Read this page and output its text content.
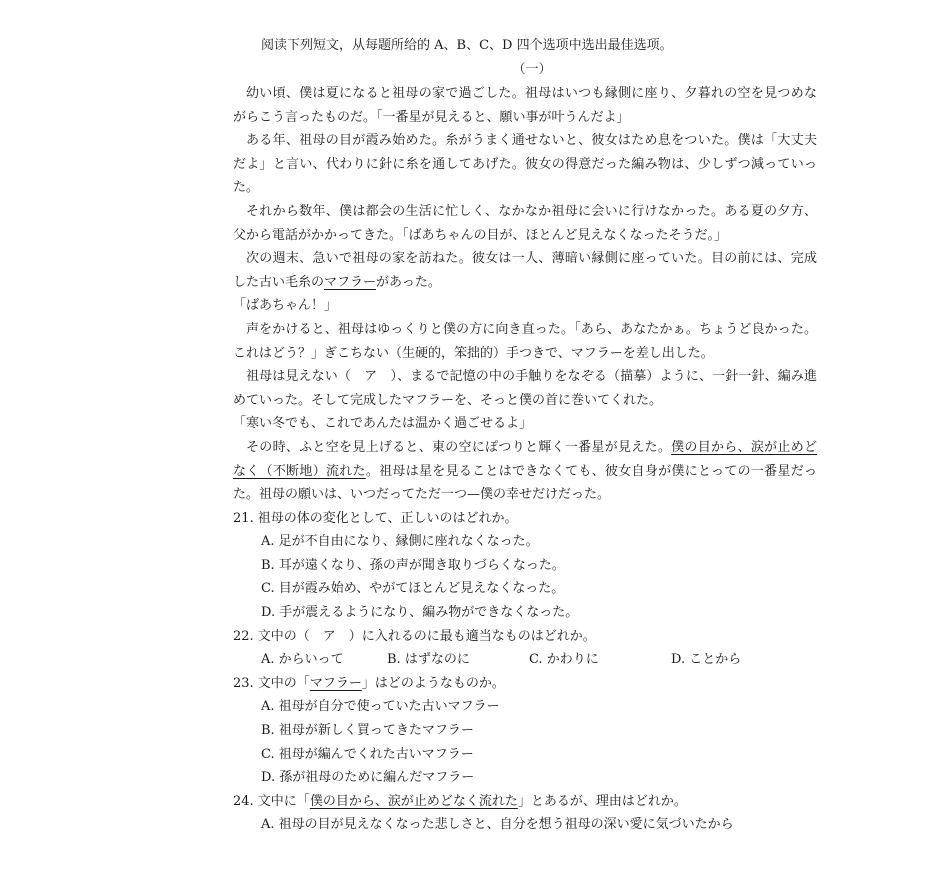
阅读下列短文，从每题所给的 A、B、C、D 四个选项中选出最佳选项。
（一）

幼い頃、僕は夏になると祖母の家で過ごした。祖母はいつも縁側に座り、夕暮れの空を見つめながらこう言ったものだ。「一番星が見えると、願い事が叶うんだよ」

ある年、祖母の目が霞み始めた。糸がうまく通せないと、彼女はため息をついた。僕は「大丈夫だよ」と言い、代わりに針に糸を通してあげた。彼女の得意だった編み物は、少しずつ減っていった。

それから数年、僕は都会の生活に忙しく、なかなか祖母に会いに行けなかった。ある夏の夕方、父から電話がかかってきた。「ばあちゃんの目が、ほとんど見えなくなったそうだ。」

次の週末、急いで祖母の家を訪ねた。彼女は一人、薄暗い縁側に座っていた。目の前には、完成した古い毛糸のマフラーがあった。

「ばあちゃん！」

声をかけると、祖母はゆっくりと僕の方に向き直った。「あら、あなたかぁ。ちょうど良かった。これはどう？」ぎこちない（生硬的，笨拙的）手つきで、マフラーを差し出した。

祖母は見えない（　ア　）、まるで記憶の中の手触りをなぞる（描摹）ように、一針一針、編み進めていった。そして完成したマフラーを、そっと僕の首に巻いてくれた。

「寒い冬でも、これであんたは温かく過ごせるよ」

その時、ふと空を見上げると、東の空にぽつりと輝く一番星が見えた。僕の目から、涙が止めどなく（不断地）流れた。祖母は星を見ることはできなくても、彼女自身が僕にとっての一番星だった。祖母の願いは、いつだってただ一つ—僕の幸せだけだった。

21. 祖母の体の変化として、正しいのはどれか。
A. 足が不自由になり、縁側に座れなくなった。
B. 耳が遠くなり、孫の声が聞き取りづらくなった。
C. 目が霞み始め、やがてほとんど見えなくなった。
D. 手が震えるようになり、編み物ができなくなった。
22. 文中の（　ア　）に入れるのに最も適当なものはどれか。
A. からいって	B. はずなのに	C. かわりに	D. ことから
23. 文中の「マフラー」はどのようなものか。
A. 祖母が自分で使っていた古いマフラー
B. 祖母が新しく買ってきたマフラー
C. 祖母が編んでくれた古いマフラー
D. 孫が祖母のために編んだマフラー
24. 文中に「僕の目から、涙が止めどなく流れた」とあるが、理由はどれか。
A. 祖母の目が見えなくなった悲しさと、自分を想う祖母の深い愛に気づいたから
